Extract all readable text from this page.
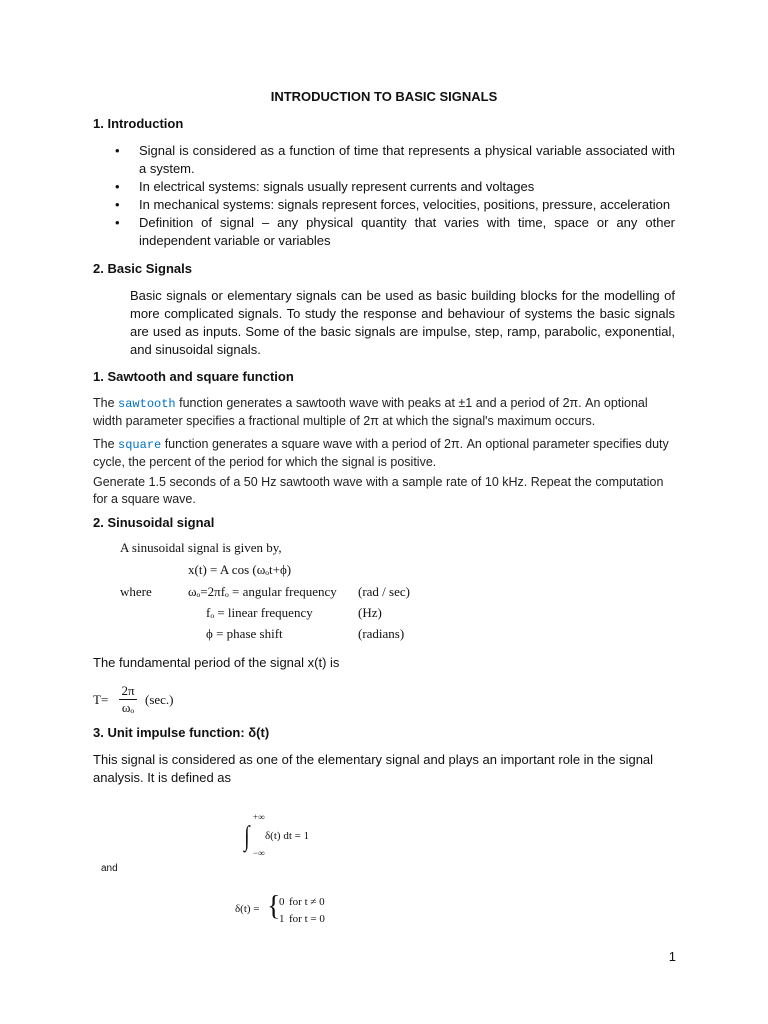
INTRODUCTION TO BASIC SIGNALS
1. Introduction
• Signal is considered as a function of time that represents a physical variable associated with a system.
• In electrical systems: signals usually represent currents and voltages
• In mechanical systems: signals represent forces, velocities, positions, pressure, acceleration
• Definition of signal – any physical quantity that varies with time, space or any other independent variable or variables
2. Basic Signals
Basic signals or elementary signals can be used as basic building blocks for the modelling of more complicated signals. To study the response and behaviour of systems the basic signals are used as inputs. Some of the basic signals are impulse, step, ramp, parabolic, exponential, and sinusoidal signals.
1. Sawtooth and square function
The sawtooth function generates a sawtooth wave with peaks at ±1 and a period of 2π. An optional width parameter specifies a fractional multiple of 2π at which the signal's maximum occurs.
The square function generates a square wave with a period of 2π. An optional parameter specifies duty cycle, the percent of the period for which the signal is positive.
Generate 1.5 seconds of a 50 Hz sawtooth wave with a sample rate of 10 kHz. Repeat the computation for a square wave.
2. Sinusoidal signal
A sinusoidal signal is given by,
x(t) = A cos (ωₒt+ϕ)
where	ωₒ=2πfₒ = angular frequency (rad / sec)
fₒ = linear frequency	(Hz)
ϕ = phase shift	(radians)
The fundamental period of the signal x(t) is
T=
2π
ωₒ
(sec.)
3. Unit impulse function: δ(t)
This signal is considered as one of the elementary signal and plays an important role in the signal analysis. It is defined as
+∞
∫
−∞
δ(t) dt = 1
and
δ(t) = {
0 for t ≠ 0
1 for t = 0
1
